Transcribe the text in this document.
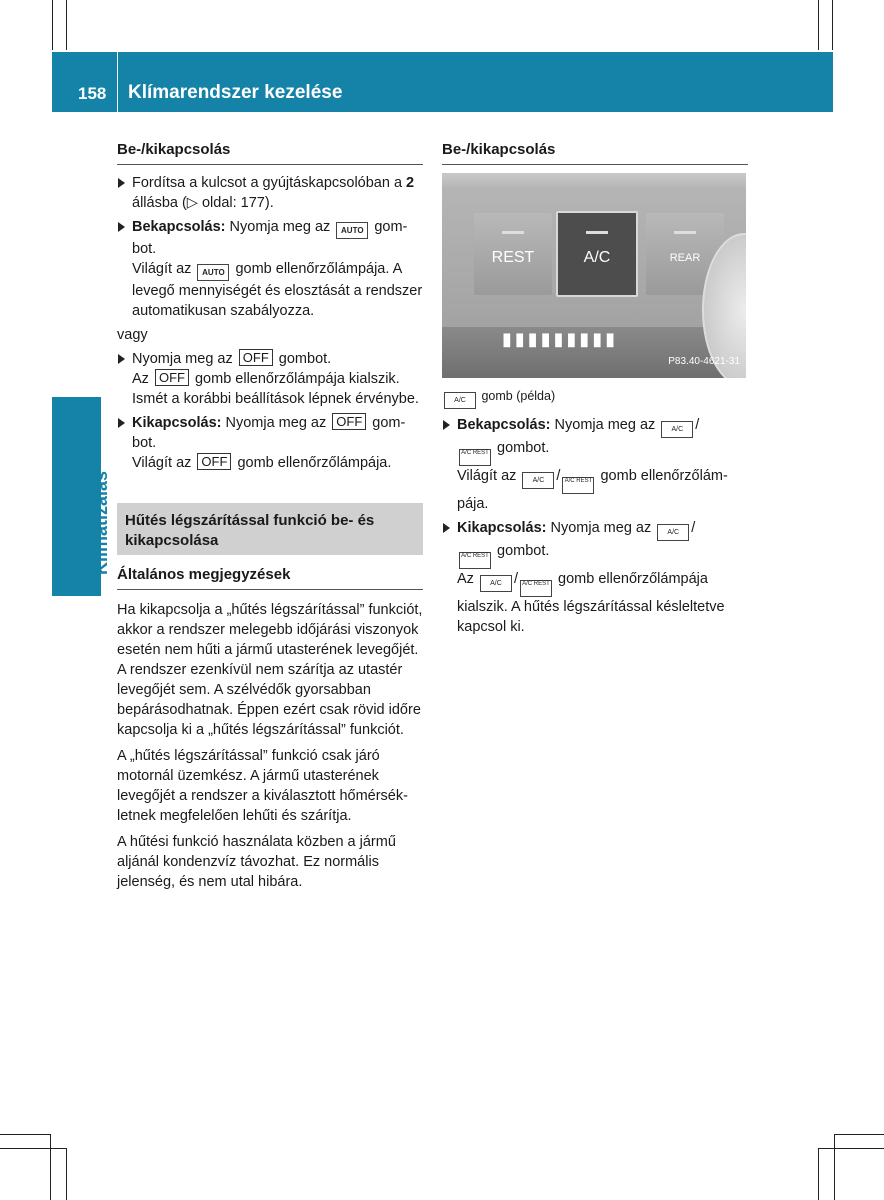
158 Klímarendszer kezelése
Klimatizálás
Be-/kikapcsolás

Fordítsa a kulcsot a gyújtáskapcsolóban a 2 állásba (▷ oldal: 177).

Bekapcsolás: Nyomja meg az AUTO gombot.

Világít az AUTO gomb ellenőrzőlámpája. A levegő mennyiségét és elosztását a rendszer automatikusan szabályozza.

vagy

Nyomja meg az OFF gombot.

Az OFF gomb ellenőrzőlámpája kialszik. Ismét a korábbi beállítások lépnek érvénybe.

Kikapcsolás: Nyomja meg az OFF gombot.

Világít az OFF gomb ellenőrzőlámpája.

Hűtés légszárítással funkció be- és kikapcsolása
Általános megjegyzések

Ha kikapcsolja a „hűtés légszárítással” funkciót, akkor a rendszer melegebb időjárási viszonyok esetén nem hűti a jármű utasterének levegőjét. A rendszer ezenkívül nem szárítja az utastér levegőjét sem. A szélvédők gyorsabban bepárásodhatnak. Éppen ezért csak rövid időre kapcsolja ki a „hűtés légszárítással” funkciót.

A „hűtés légszárítással” funkció csak járó motornál üzemkész. A jármű utasterének levegőjét a rendszer a kiválasztott hőmérsékletnek megfelelően lehűti és szárítja.

A hűtési funkció használata közben a jármű aljánál kondenzvíz távozhat. Ez normális jelenség, és nem utal hibára.

Be-/kikapcsolás
REST	A/C	REAR
▮▮▮▮▮▮▮▮▮
P83.40-4621-31
A/C gomb (példa)

Bekapcsolás: Nyomja meg az A/C /

A/C REST gombot.

Világít az A/C / A/C REST gomb ellenőrzőlámpája.

Kikapcsolás: Nyomja meg az A/C /

A/C REST gombot.

Az A/C / A/C REST gomb ellenőrzőlámpája kialszik. A hűtés légszárítással késleltetve kapcsol ki.
